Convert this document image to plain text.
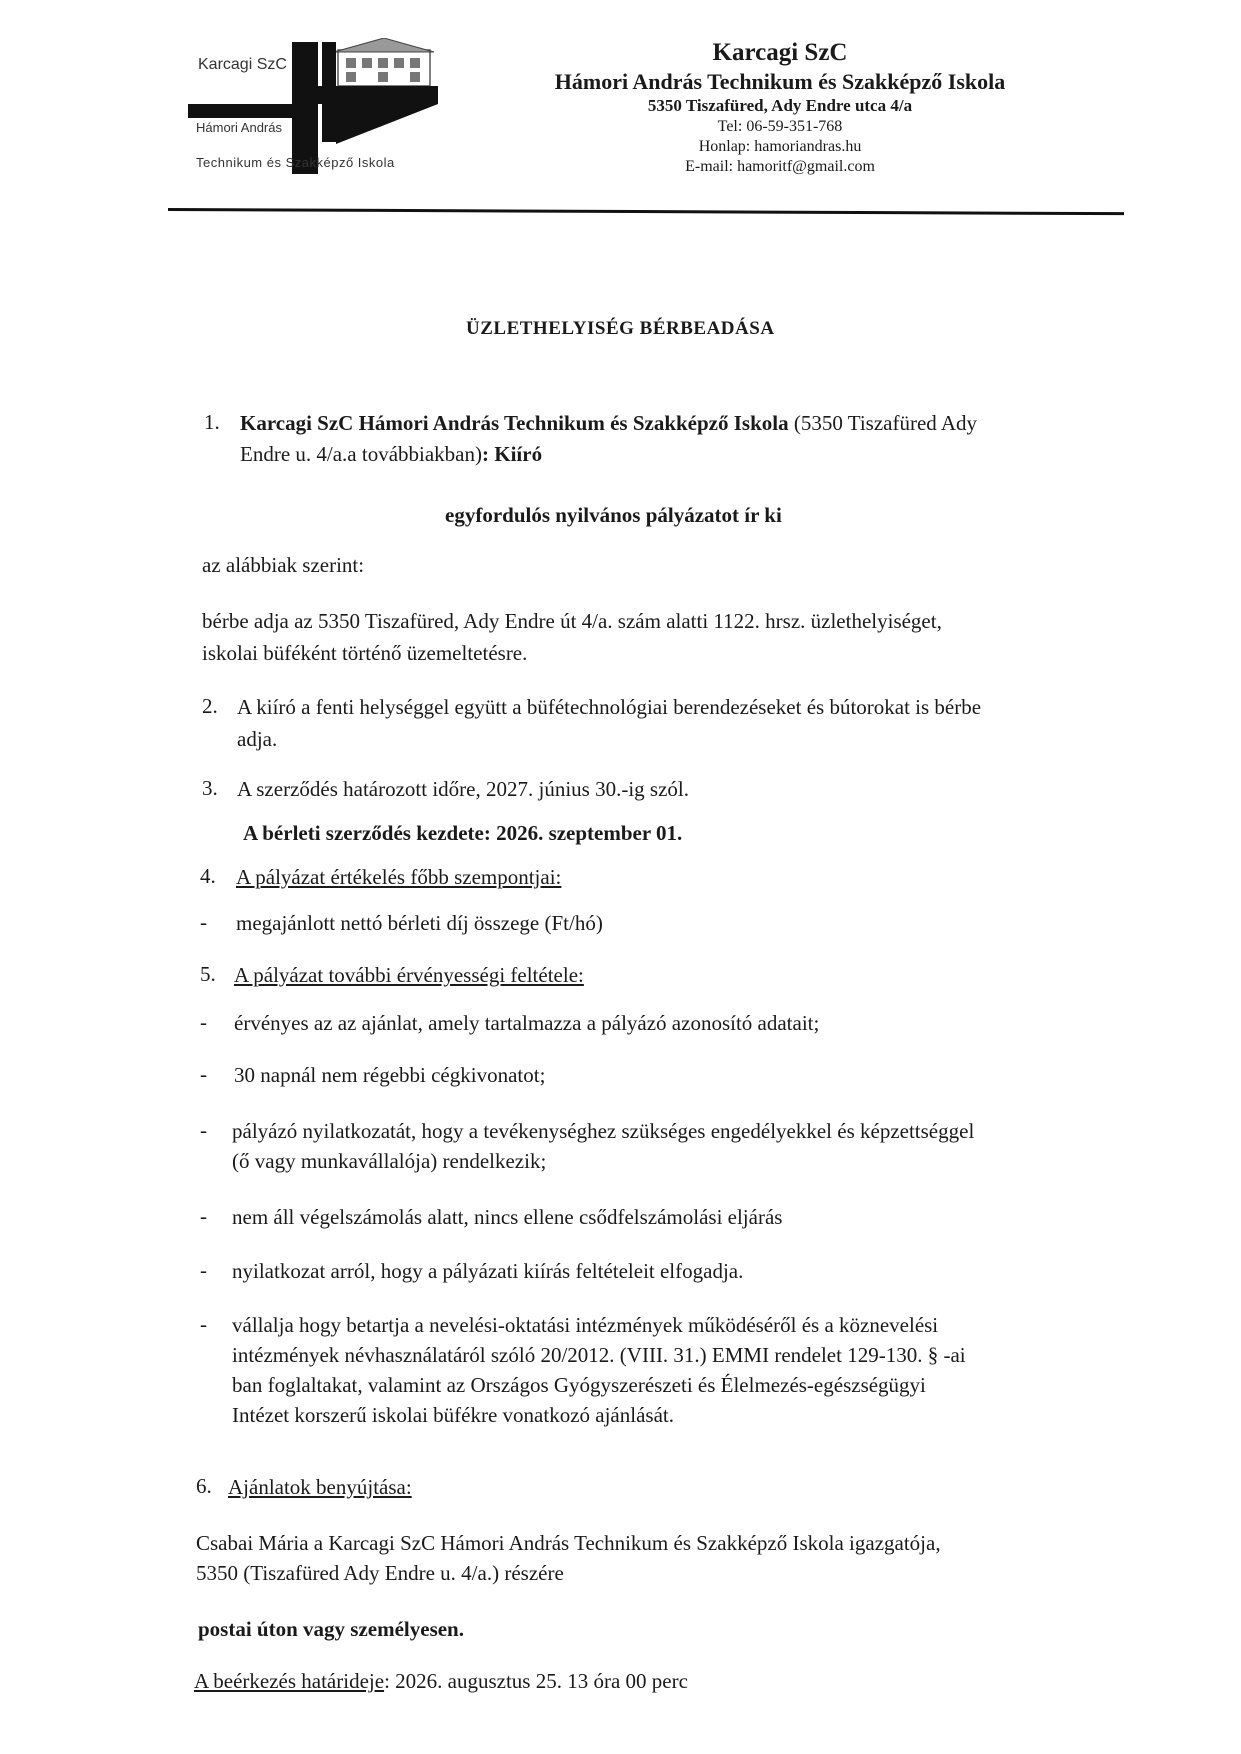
Karcagi SzC
Hámori András
Technikum és Szakképző Iskola
Karcagi SzC
Hámori András Technikum és Szakképző Iskola
5350 Tiszafüred, Ady Endre utca 4/a
Tel: 06-59-351-768
Honlap: hamoriandras.hu
E-mail: hamoritf@gmail.com
ÜZLETHELYISÉG BÉRBEADÁSA
1. Karcagi SzC Hámori András Technikum és Szakképző Iskola (5350 Tiszafüred Ady
Endre u. 4/a.a továbbiakban): Kiíró
egyfordulós nyilvános pályázatot ír ki
az alábbiak szerint:
bérbe adja az 5350 Tiszafüred, Ady Endre út 4/a. szám alatti 1122. hrsz. üzlethelyiséget,
iskolai büféként történő üzemeltetésre.
2. A kiíró a fenti helységgel együtt a büfétechnológiai berendezéseket és bútorokat is bérbe
adja.
3. A szerződés határozott időre, 2027. június 30.-ig szól.
A bérleti szerződés kezdete: 2026. szeptember 01.
4. A pályázat értékelés főbb szempontjai:
- megajánlott nettó bérleti díj összege (Ft/hó)
5. A pályázat további érvényességi feltétele:
- érvényes az az ajánlat, amely tartalmazza a pályázó azonosító adatait;
- 30 napnál nem régebbi cégkivonatot;
- pályázó nyilatkozatát, hogy a tevékenységhez szükséges engedélyekkel és képzettséggel
(ő vagy munkavállalója) rendelkezik;
- nem áll végelszámolás alatt, nincs ellene csődfelszámolási eljárás
- nyilatkozat arról, hogy a pályázati kiírás feltételeit elfogadja.
- vállalja hogy betartja a nevelési-oktatási intézmények működéséről és a köznevelési
intézmények névhasználatáról szóló 20/2012. (VIII. 31.) EMMI rendelet 129-130. § -ai
ban foglaltakat, valamint az Országos Gyógyszerészeti és Élelmezés-egészségügyi
Intézet korszerű iskolai büfékre vonatkozó ajánlását.
6. Ajánlatok benyújtása:
Csabai Mária a Karcagi SzC Hámori András Technikum és Szakképző Iskola igazgatója,
5350 (Tiszafüred Ady Endre u. 4/a.) részére
postai úton vagy személyesen.
A beérkezés határideje: 2026. augusztus 25. 13 óra 00 perc
